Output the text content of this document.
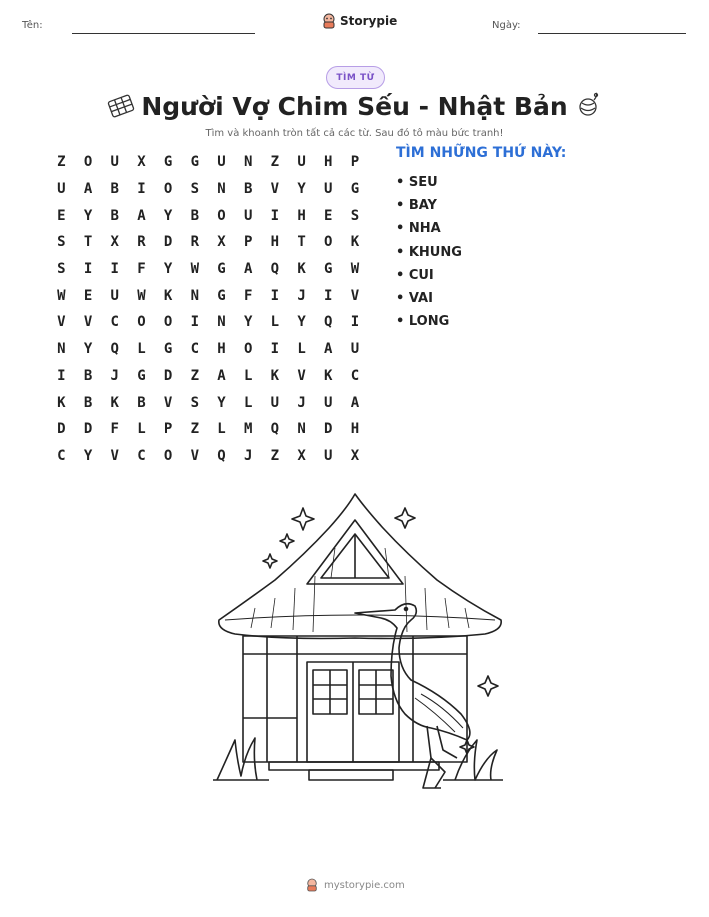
Tên:	Ngày:
Storypie
TÌM TỪ
Người Vợ Chim Sếu - Nhật Bản
Tìm và khoanh tròn tất cả các từ. Sau đó tô màu bức tranh!
Z	O	U	X	G	G	U	N	Z	U	H	P
U	A	B	I	O	S	N	B	V	Y	U	G
E	Y	B	A	Y	B	O	U	I	H	E	S
S	T	X	R	D	R	X	P	H	T	O	K
S	I	I	F	Y	W	G	A	Q	K	G	W
W	E	U	W	K	N	G	F	I	J	I	V
V	V	C	O	O	I	N	Y	L	Y	Q	I
N	Y	Q	L	G	C	H	O	I	L	A	U
I	B	J	G	D	Z	A	L	K	V	K	C
K	B	K	B	V	S	Y	L	U	J	U	A
D	D	F	L	P	Z	L	M	Q	N	D	H
C	Y	V	C	O	V	Q	J	Z	X	U	X
TÌM NHỮNG THỨ NÀY:
• SEU
• BAY
• NHA
• KHUNG
• CUI
• VAI
• LONG
mystorypie.com
